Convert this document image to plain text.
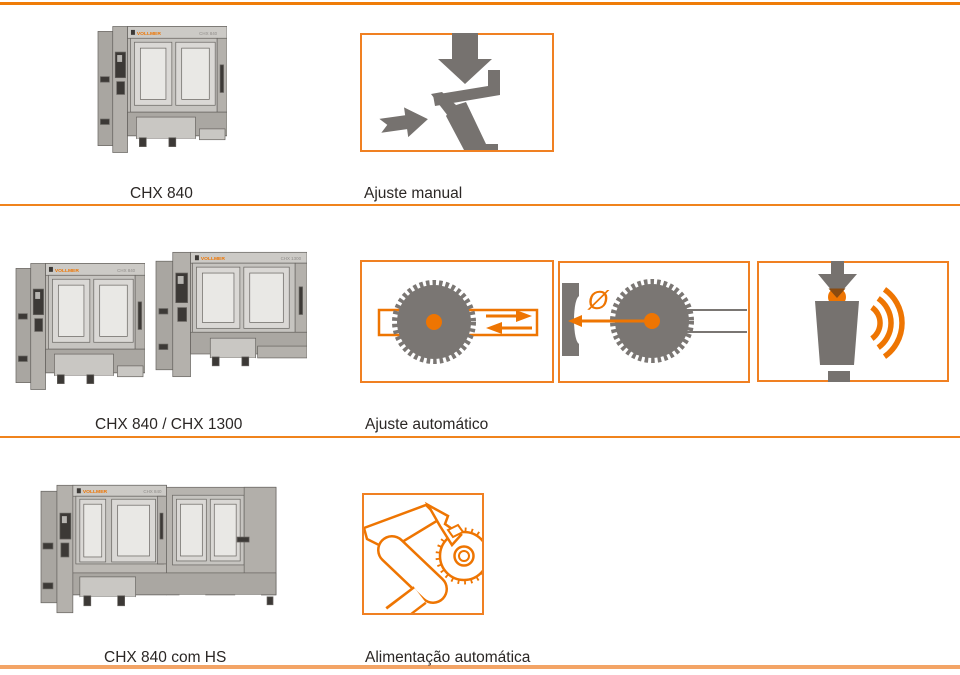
VOLLMER	CHX 840
CHX 840	Ajuste manual
VOLLMER	CHX 840
VOLLMER	CHX 1300
Ø
CHX 840 / CHX 1300	Ajuste automático
VOLLMER	CHX 840
CHX 840 com HS	Alimentação automática
